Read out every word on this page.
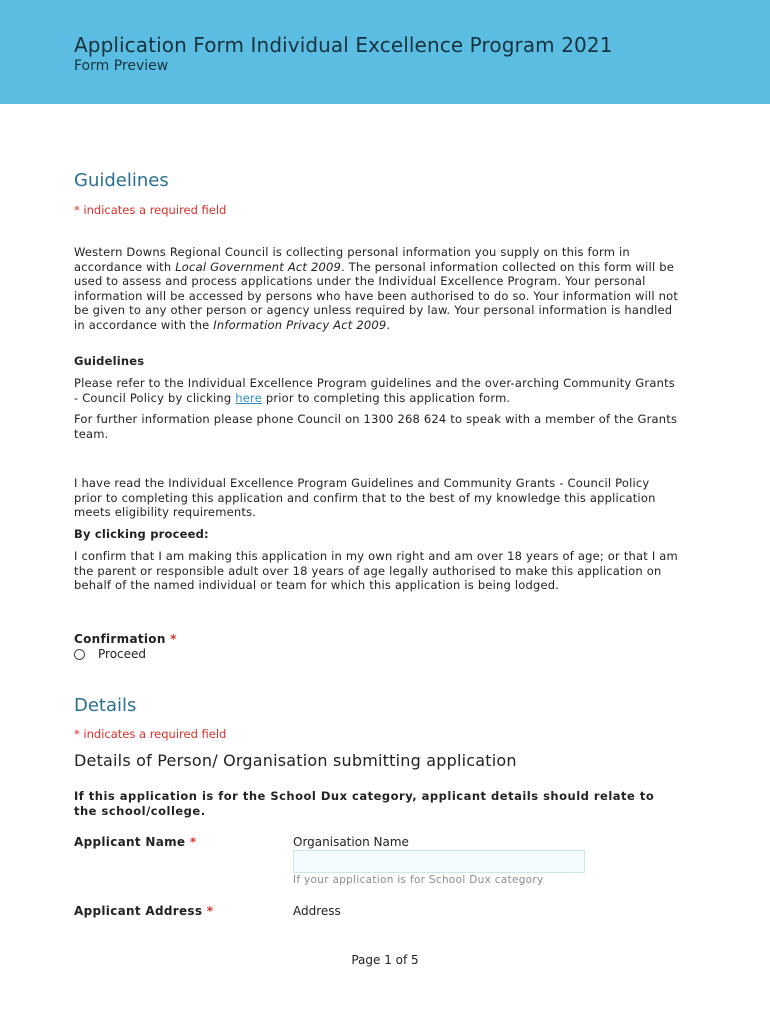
Application Form Individual Excellence Program 2021
Form Preview
Guidelines
* indicates a required field

Western Downs Regional Council is collecting personal information you supply on this form in accordance with Local Government Act 2009. The personal information collected on this form will be used to assess and process applications under the Individual Excellence Program. Your personal information will be accessed by persons who have been authorised to do so. Your information will not be given to any other person or agency unless required by law. Your personal information is handled in accordance with the Information Privacy Act 2009.

Guidelines

Please refer to the Individual Excellence Program guidelines and the over-arching Community Grants - Council Policy by clicking here prior to completing this application form.

For further information please phone Council on 1300 268 624 to speak with a member of the Grants team.

I have read the Individual Excellence Program Guidelines and Community Grants - Council Policy prior to completing this application and confirm that to the best of my knowledge this application meets eligibility requirements.

By clicking proceed:

I confirm that I am making this application in my own right and am over 18 years of age; or that I am the parent or responsible adult over 18 years of age legally authorised to make this application on behalf of the named individual or team for which this application is being lodged.

Confirmation *
Proceed
Details
* indicates a required field
Details of Person/ Organisation submitting application

If this application is for the School Dux category, applicant details should relate to the school/college.

Applicant Name *	Organisation Name
If your application is for School Dux category
Applicant Address *	Address
Page 1 of 5
